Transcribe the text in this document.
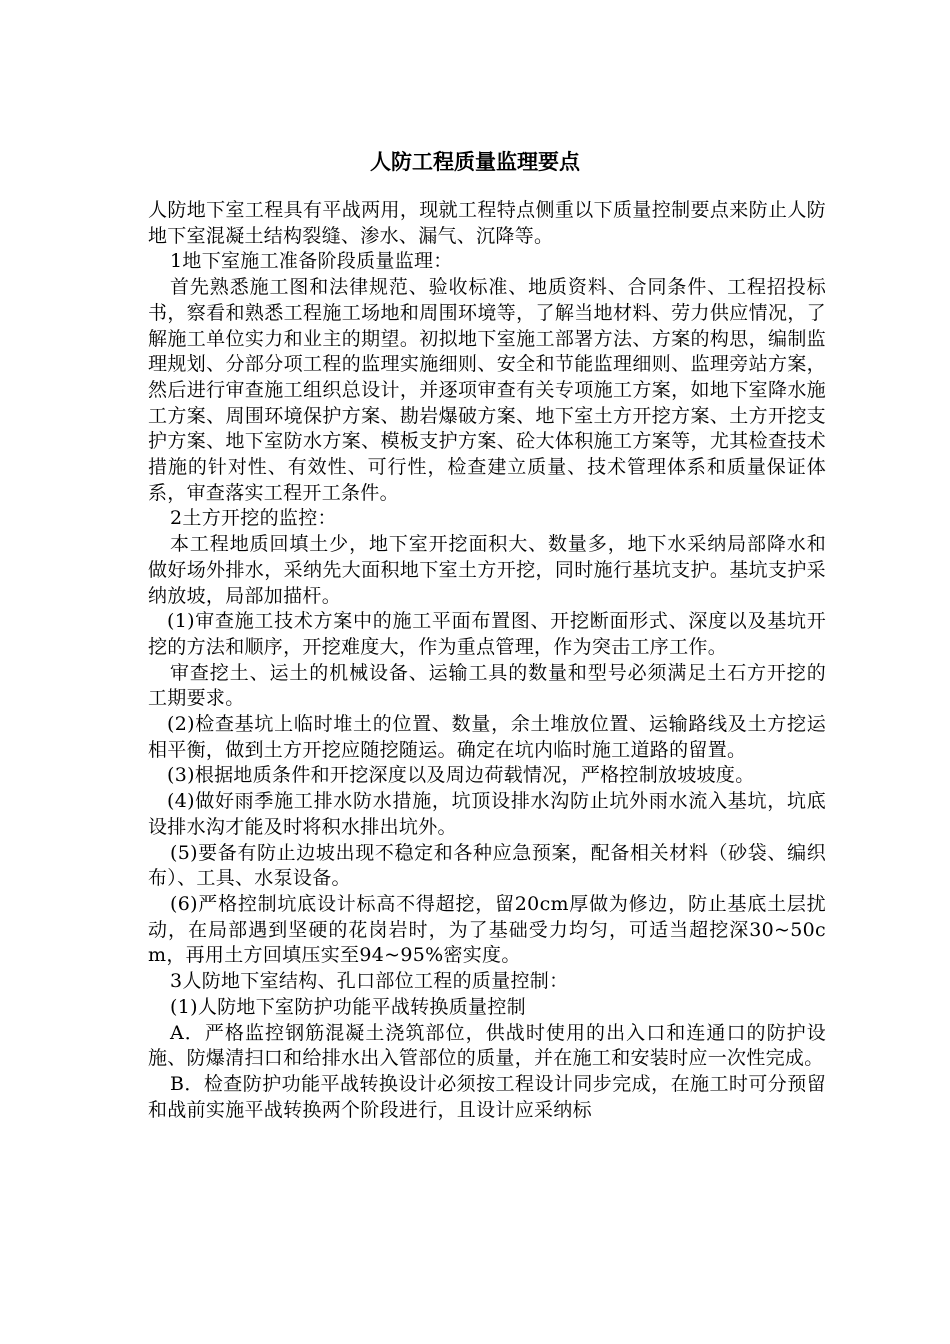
人防工程质量监理要点

人防地下室工程具有平战两用，现就工程特点侧重以下质量控制要点来防止人防地下室混凝土结构裂缝、渗水、漏气、沉降等。

1地下室施工准备阶段质量监理：

首先熟悉施工图和法律规范、验收标准、地质资料、合同条件、工程招投标书，察看和熟悉工程施工场地和周围环境等，了解当地材料、劳力供应情况，了解施工单位实力和业主的期望。初拟地下室施工部署方法、方案的构思，编制监理规划、分部分项工程的监理实施细则、安全和节能监理细则、监理旁站方案，然后进行审查施工组织总设计，并逐项审查有关专项施工方案，如地下室降水施工方案、周围环境保护方案、勘岩爆破方案、地下室土方开挖方案、土方开挖支护方案、地下室防水方案、模板支护方案、砼大体积施工方案等，尤其检查技术措施的针对性、有效性、可行性，检查建立质量、技术管理体系和质量保证体系，审查落实工程开工条件。

2土方开挖的监控：

本工程地质回填土少，地下室开挖面积大、数量多，地下水采纳局部降水和做好场外排水，采纳先大面积地下室土方开挖，同时施行基坑支护。基坑支护采纳放坡，局部加描杆。

(1)审查施工技术方案中的施工平面布置图、开挖断面形式、深度以及基坑开挖的方法和顺序，开挖难度大，作为重点管理，作为突击工序工作。

审查挖土、运土的机械设备、运输工具的数量和型号必须满足土石方开挖的工期要求。

(2)检查基坑上临时堆土的位置、数量，余土堆放位置、运输路线及土方挖运相平衡，做到土方开挖应随挖随运。确定在坑内临时施工道路的留置。

(3)根据地质条件和开挖深度以及周边荷载情况，严格控制放坡坡度。

(4)做好雨季施工排水防水措施，坑顶设排水沟防止坑外雨水流入基坑，坑底设排水沟才能及时将积水排出坑外。

(5)要备有防止边坡出现不稳定和各种应急预案，配备相关材料（砂袋、编织布）、工具、水泵设备。

(6)严格控制坑底设计标高不得超挖，留20cm厚做为修边，防止基底土层扰动，在局部遇到坚硬的花岗岩时，为了基础受力均匀，可适当超挖深30~50cm，再用土方回填压实至94~95%密实度。

3人防地下室结构、孔口部位工程的质量控制：

(1)人防地下室防护功能平战转换质量控制

A．严格监控钢筋混凝土浇筑部位，供战时使用的出入口和连通口的防护设施、防爆清扫口和给排水出入管部位的质量，并在施工和安装时应一次性完成。

B．检查防护功能平战转换设计必须按工程设计同步完成，在施工时可分预留和战前实施平战转换两个阶段进行，且设计应采纳标
